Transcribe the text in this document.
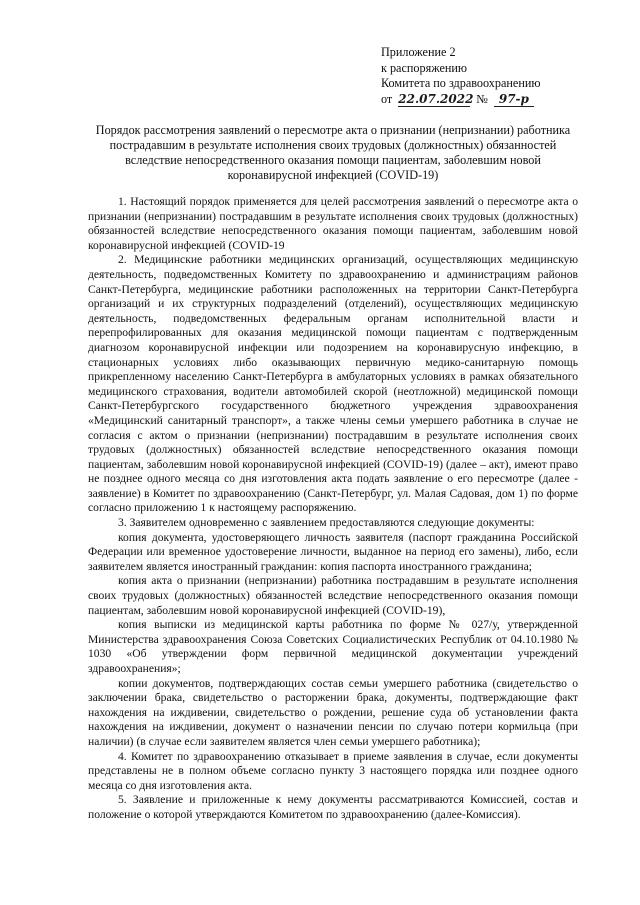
Приложение 2
к распоряжению
Комитета по здравоохранению
от 22.07.2022 № 97-р
Порядок рассмотрения заявлений о пересмотре акта о признании (непризнании) работника пострадавшим в результате исполнения своих трудовых (должностных) обязанностей вследствие непосредственного оказания помощи пациентам, заболевшим новой коронавирусной инфекцией (COVID-19)

1. Настоящий порядок применяется для целей рассмотрения заявлений о пересмотре акта о признании (непризнании) пострадавшим в результате исполнения своих трудовых (должностных) обязанностей вследствие непосредственного оказания помощи пациентам, заболевшим новой коронавирусной инфекцией (COVID-19

2. Медицинские работники медицинских организаций, осуществляющих медицинскую деятельность, подведомственных Комитету по здравоохранению и администрациям районов Санкт-Петербурга, медицинские работники расположенных на территории Санкт-Петербурга организаций и их структурных подразделений (отделений), осуществляющих медицинскую деятельность, подведомственных федеральным органам исполнительной власти и перепрофилированных для оказания медицинской помощи пациентам с подтвержденным диагнозом коронавирусной инфекции или подозрением на коронавирусную инфекцию, в стационарных условиях либо оказывающих первичную медико-санитарную помощь прикрепленному населению Санкт-Петербурга в амбулаторных условиях в рамках обязательного медицинского страхования, водители автомобилей скорой (неотложной) медицинской помощи Санкт-Петербургского государственного бюджетного учреждения здравоохранения «Медицинский санитарный транспорт», а также члены семьи умершего работника в случае не согласия с актом о признании (непризнании) пострадавшим в результате исполнения своих трудовых (должностных) обязанностей вследствие непосредственного оказания помощи пациентам, заболевшим новой коронавирусной инфекцией (COVID-19) (далее – акт), имеют право не позднее одного месяца со дня изготовления акта подать заявление о его пересмотре (далее - заявление) в Комитет по здравоохранению (Санкт-Петербург, ул. Малая Садовая, дом 1) по форме согласно приложению 1 к настоящему распоряжению.

3. Заявителем одновременно с заявлением предоставляются следующие документы:

копия документа, удостоверяющего личность заявителя (паспорт гражданина Российской Федерации или временное удостоверение личности, выданное на период его замены), либо, если заявителем является иностранный гражданин: копия паспорта иностранного гражданина;

копия акта о признании (непризнании) работника пострадавшим в результате исполнения своих трудовых (должностных) обязанностей вследствие непосредственного оказания помощи пациентам, заболевшим новой коронавирусной инфекцией (COVID-19),

копия выписки из медицинской карты работника по форме № 027/у, утвержденной Министерства здравоохранения Союза Советских Социалистических Республик от 04.10.1980 № 1030 «Об утверждении форм первичной медицинской документации учреждений здравоохранения»;

копии документов, подтверждающих состав семьи умершего работника (свидетельство о заключении брака, свидетельство о расторжении брака, документы, подтверждающие факт нахождения на иждивении, свидетельство о рождении, решение суда об установлении факта нахождения на иждивении, документ о назначении пенсии по случаю потери кормильца (при наличии) (в случае если заявителем является член семьи умершего работника);

4. Комитет по здравоохранению отказывает в приеме заявления в случае, если документы представлены не в полном объеме согласно пункту 3 настоящего порядка или позднее одного месяца со дня изготовления акта.

5. Заявление и приложенные к нему документы рассматриваются Комиссией, состав и положение о которой утверждаются Комитетом по здравоохранению (далее-Комиссия).
